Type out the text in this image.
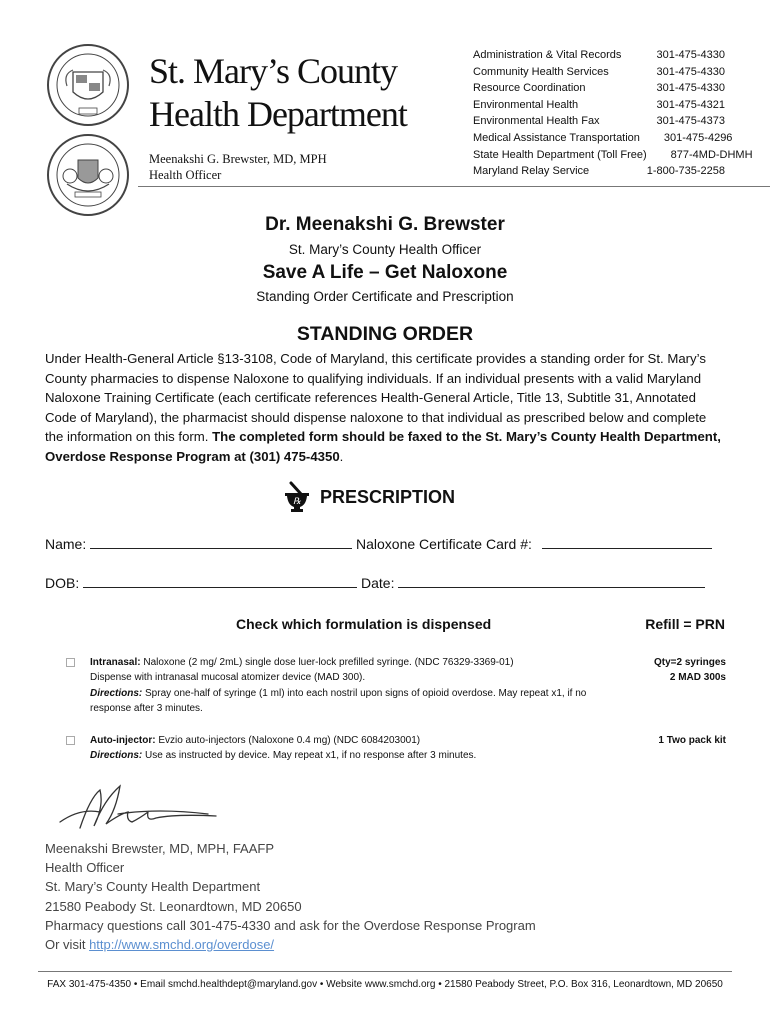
St. Mary’s County
Health Department
Meenakshi G. Brewster, MD, MPH
Health Officer
Administration & Vital Records	301-475-4330
Community Health Services	301-475-4330
Resource Coordination	301-475-4330
Environmental Health	301-475-4321
Environmental Health Fax	301-475-4373
Medical Assistance Transportation 301-475-4296
State Health Department (Toll Free) 877-4MD-DHMH
Maryland Relay Service	1-800-735-2258
Dr. Meenakshi G. Brewster
St. Mary’s County Health Officer
Save A Life – Get Naloxone
Standing Order Certificate and Prescription
STANDING ORDER
Under Health-General Article §13-3108, Code of Maryland, this certificate provides a standing order for St. Mary’s County pharmacies to dispense Naloxone to qualifying individuals. If an individual presents with a valid Maryland Naloxone Training Certificate (each certificate references Health-General Article, Title 13, Subtitle 31, Annotated Code of Maryland), the pharmacist should dispense naloxone to that individual as prescribed below and complete the information on this form. The completed form should be faxed to the St. Mary’s County Health Department, Overdose Response Program at (301) 475-4350.
℞ PRESCRIPTION
Name:	Naloxone Certificate Card #:
DOB:	Date:
Check which formulation is dispensed	Refill = PRN
Intranasal: Naloxone (2 mg/ 2mL) single dose luer-lock prefilled syringe. (NDC 76329-3369-01)
Dispense with intranasal mucosal atomizer device (MAD 300).
Directions: Spray one-half of syringe (1 ml) into each nostril upon signs of opioid overdose. May repeat x1, if no response after 3 minutes.
Qty=2 syringes
2 MAD 300s
Auto-injector: Evzio auto-injectors (Naloxone 0.4 mg) (NDC 6084203001)
Directions: Use as instructed by device. May repeat x1, if no response after 3 minutes.
1 Two pack kit
Meenakshi Brewster, MD, MPH, FAAFP
Health Officer
St. Mary’s County Health Department
21580 Peabody St. Leonardtown, MD 20650
Pharmacy questions call 301-475-4330 and ask for the Overdose Response Program
Or visit http://www.smchd.org/overdose/
FAX 301-475-4350 • Email smchd.healthdept@maryland.gov • Website www.smchd.org • 21580 Peabody Street, P.O. Box 316, Leonardtown, MD 20650
